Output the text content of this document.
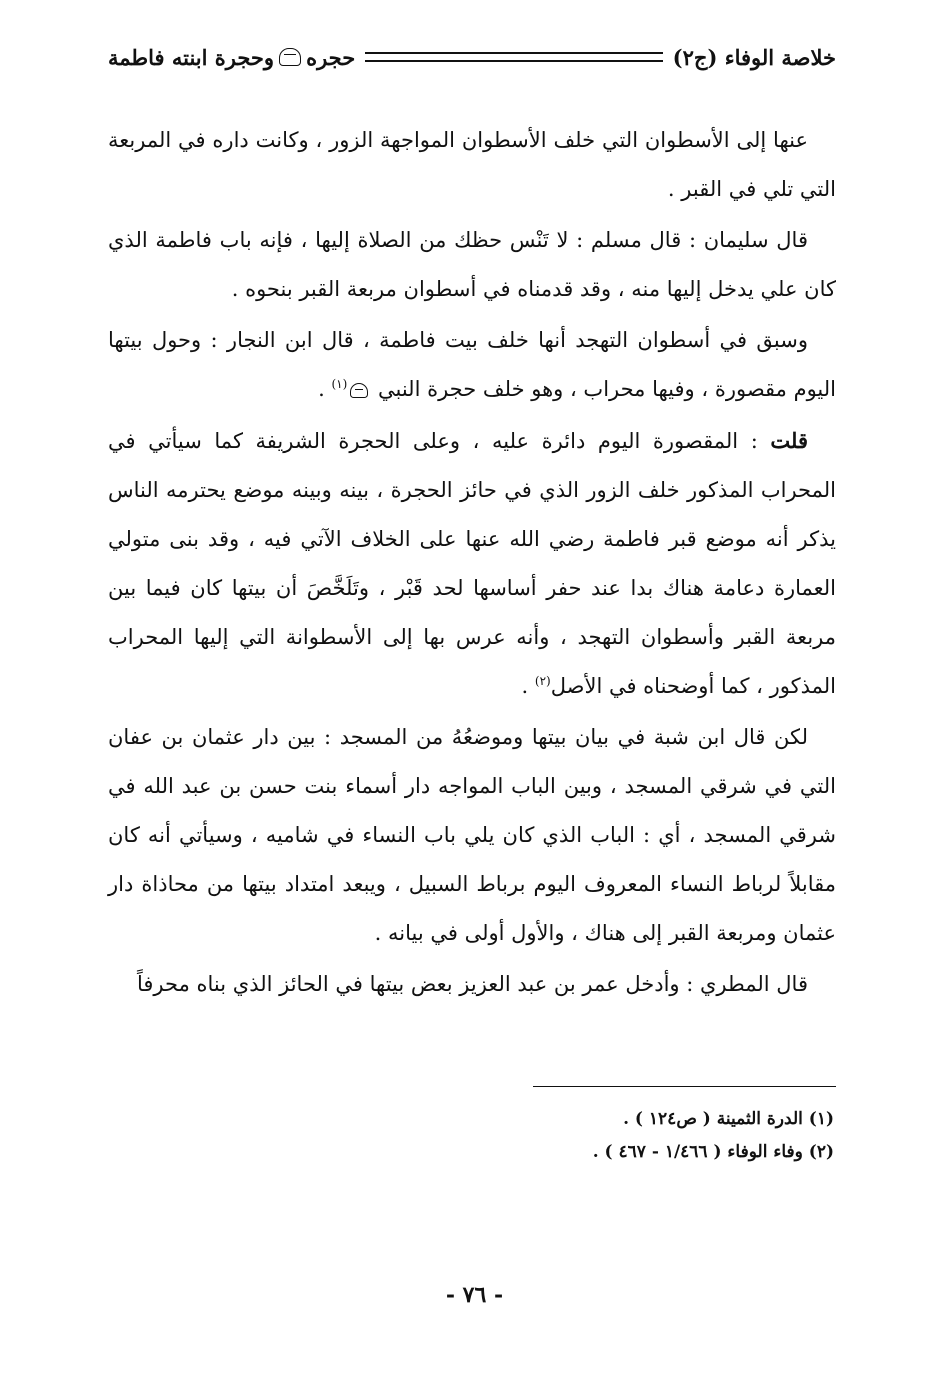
خلاصة الوفاء (ج٢)
حجره
وحجرة ابنته فاطمة

عنها إلى الأسطوان التي خلف الأسطوان المواجهة الزور ، وكانت داره في المربعة التي تلي في القبر .

قال سليمان : قال مسلم : لا تَنْس حظك من الصلاة إليها ، فإنه باب فاطمة الذي كان علي يدخل إليها منه ، وقد قدمناه في أسطوان مربعة القبر بنحوه .

وسبق في أسطوان التهجد أنها خلف بيت فاطمة ، قال ابن النجار : وحول بيتها اليوم مقصورة ، وفيها محراب ، وهو خلف حجرة النبي $^{(١)}$ .

قلت : المقصورة اليوم دائرة عليه ، وعلى الحجرة الشريفة كما سيأتي في المحراب المذكور خلف الزور الذي في حائز الحجرة ، بينه وبينه موضع يحترمه الناس يذكر أنه موضع قبر فاطمة رضي الله عنها على الخلاف الآتي فيه ، وقد بنى متولي العمارة دعامة هناك بدا عند حفر أساسها لحد قَبْر ، وتَلَخَّصَ أن بيتها كان فيما بين مربعة القبر وأسطوان التهجد ، وأنه عرس بها إلى الأسطوانة التي إليها المحراب المذكور ، كما أوضحناه في الأصل$^{(٢)}$ .

لكن قال ابن شبة في بيان بيتها وموضعُهُ من المسجد : بين دار عثمان بن عفان التي في شرقي المسجد ، وبين الباب المواجه دار أسماء بنت حسن بن عبد الله في شرقي المسجد ، أي : الباب الذي كان يلي باب النساء في شاميه ، وسيأتي أنه كان مقابلاً لرباط النساء المعروف اليوم برباط السبيل ، ويبعد امتداد بيتها من محاذاة دار عثمان ومربعة القبر إلى هناك ، والأول أولى في بيانه .

قال المطري : وأدخل عمر بن عبد العزيز بعض بيتها في الحائز الذي بناه محرفاً

(١) الدرة الثمينة ( ص١٢٤ ) .

(٢) وفاء الوفاء ( ١/٤٦٦ - ٤٦٧ ) .

- ٧٦ -
